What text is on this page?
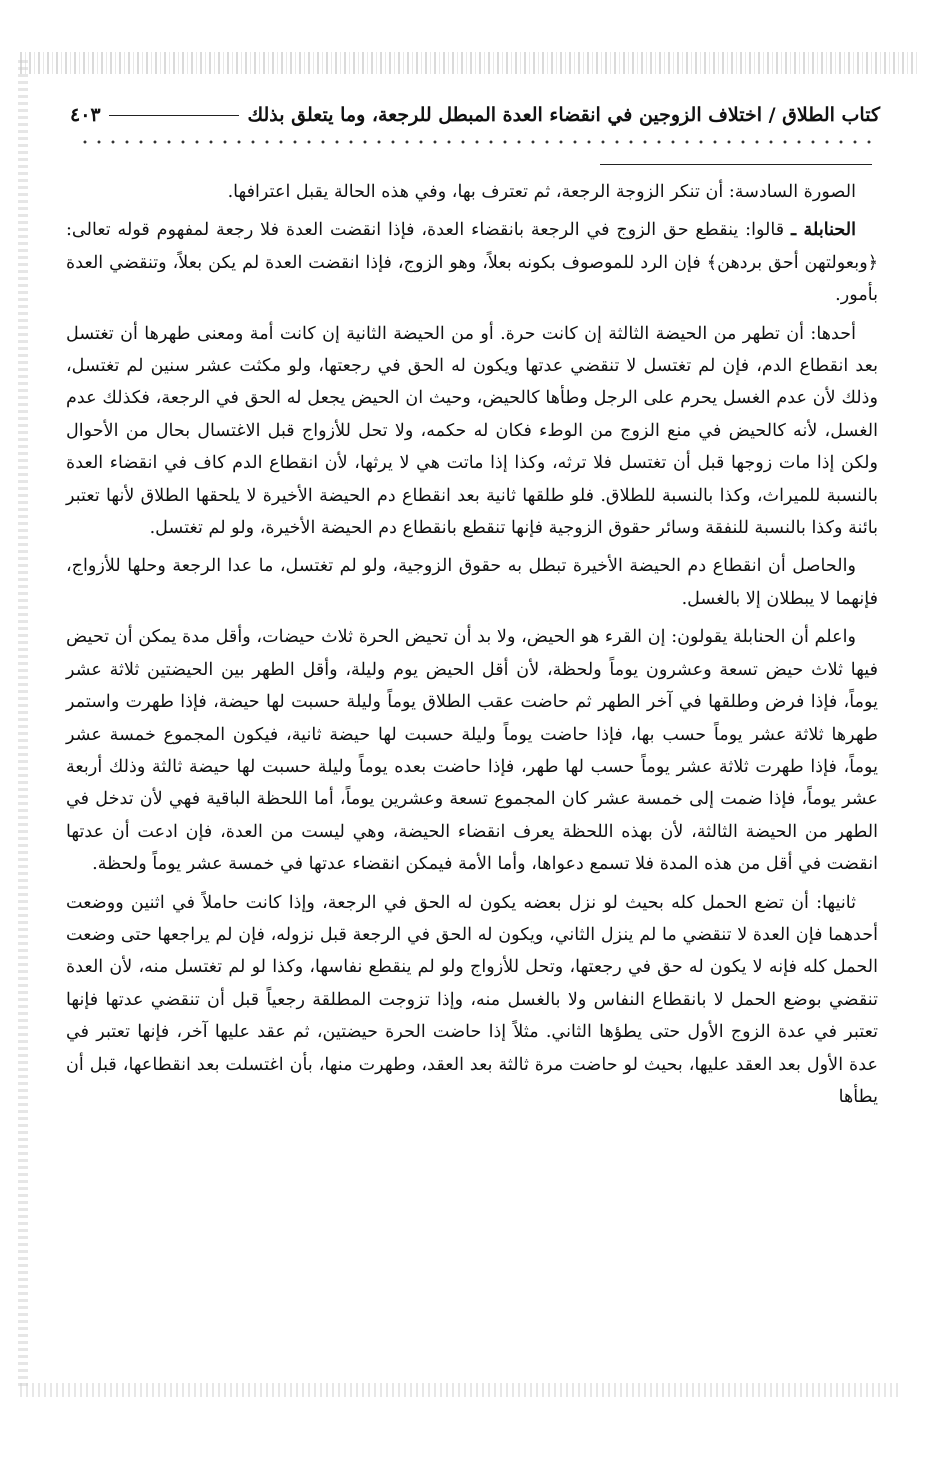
كتاب الطلاق / اختلاف الزوجين في انقضاء العدة المبطل للرجعة، وما يتعلق بذلك
٤٠٣

الصورة السادسة: أن تنكر الزوجة الرجعة، ثم تعترف بها، وفي هذه الحالة يقبل اعترافها.

الحنابلة ـ قالوا: ينقطع حق الزوج في الرجعة بانقضاء العدة، فإذا انقضت العدة فلا رجعة لمفهوم قوله تعالى: ﴿وبعولتهن أحق بردهن﴾ فإن الرد للموصوف بكونه بعلاً، وهو الزوج، فإذا انقضت العدة لم يكن بعلاً، وتنقضي العدة بأمور.

أحدها: أن تطهر من الحيضة الثالثة إن كانت حرة. أو من الحيضة الثانية إن كانت أمة ومعنى طهرها أن تغتسل بعد انقطاع الدم، فإن لم تغتسل لا تنقضي عدتها ويكون له الحق في رجعتها، ولو مكثت عشر سنين لم تغتسل، وذلك لأن عدم الغسل يحرم على الرجل وطأها كالحيض، وحيث ان الحيض يجعل له الحق في الرجعة، فكذلك عدم الغسل، لأنه كالحيض في منع الزوج من الوطء فكان له حكمه، ولا تحل للأزواج قبل الاغتسال بحال من الأحوال ولكن إذا مات زوجها قبل أن تغتسل فلا ترثه، وكذا إذا ماتت هي لا يرثها، لأن انقطاع الدم كاف في انقضاء العدة بالنسبة للميراث، وكذا بالنسبة للطلاق. فلو طلقها ثانية بعد انقطاع دم الحيضة الأخيرة لا يلحقها الطلاق لأنها تعتبر بائنة وكذا بالنسبة للنفقة وسائر حقوق الزوجية فإنها تنقطع بانقطاع دم الحيضة الأخيرة، ولو لم تغتسل.

والحاصل أن انقطاع دم الحيضة الأخيرة تبطل به حقوق الزوجية، ولو لم تغتسل، ما عدا الرجعة وحلها للأزواج، فإنهما لا يبطلان إلا بالغسل.

واعلم أن الحنابلة يقولون: إن القرء هو الحيض، ولا بد أن تحيض الحرة ثلاث حيضات، وأقل مدة يمكن أن تحيض فيها ثلاث حيض تسعة وعشرون يوماً ولحظة، لأن أقل الحيض يوم وليلة، وأقل الطهر بين الحيضتين ثلاثة عشر يوماً، فإذا فرض وطلقها في آخر الطهر ثم حاضت عقب الطلاق يوماً وليلة حسبت لها حيضة، فإذا طهرت واستمر طهرها ثلاثة عشر يوماً حسب بها، فإذا حاضت يوماً وليلة حسبت لها حيضة ثانية، فيكون المجموع خمسة عشر يوماً، فإذا طهرت ثلاثة عشر يوماً حسب لها طهر، فإذا حاضت بعده يوماً وليلة حسبت لها حيضة ثالثة وذلك أربعة عشر يوماً، فإذا ضمت إلى خمسة عشر كان المجموع تسعة وعشرين يوماً، أما اللحظة الباقية فهي لأن تدخل في الطهر من الحيضة الثالثة، لأن بهذه اللحظة يعرف انقضاء الحيضة، وهي ليست من العدة، فإن ادعت أن عدتها انقضت في أقل من هذه المدة فلا تسمع دعواها، وأما الأمة فيمكن انقضاء عدتها في خمسة عشر يوماً ولحظة.

ثانيها: أن تضع الحمل كله بحيث لو نزل بعضه يكون له الحق في الرجعة، وإذا كانت حاملاً في اثنين ووضعت أحدهما فإن العدة لا تنقضي ما لم ينزل الثاني، ويكون له الحق في الرجعة قبل نزوله، فإن لم يراجعها حتى وضعت الحمل كله فإنه لا يكون له حق في رجعتها، وتحل للأزواج ولو لم ينقطع نفاسها، وكذا لو لم تغتسل منه، لأن العدة تنقضي بوضع الحمل لا بانقطاع النفاس ولا بالغسل منه، وإذا تزوجت المطلقة رجعياً قبل أن تنقضي عدتها فإنها تعتبر في عدة الزوج الأول حتى يطؤها الثاني. مثلاً إذا حاضت الحرة حيضتين، ثم عقد عليها آخر، فإنها تعتبر في عدة الأول بعد العقد عليها، بحيث لو حاضت مرة ثالثة بعد العقد، وطهرت منها، بأن اغتسلت بعد انقطاعها، قبل أن يطأها
